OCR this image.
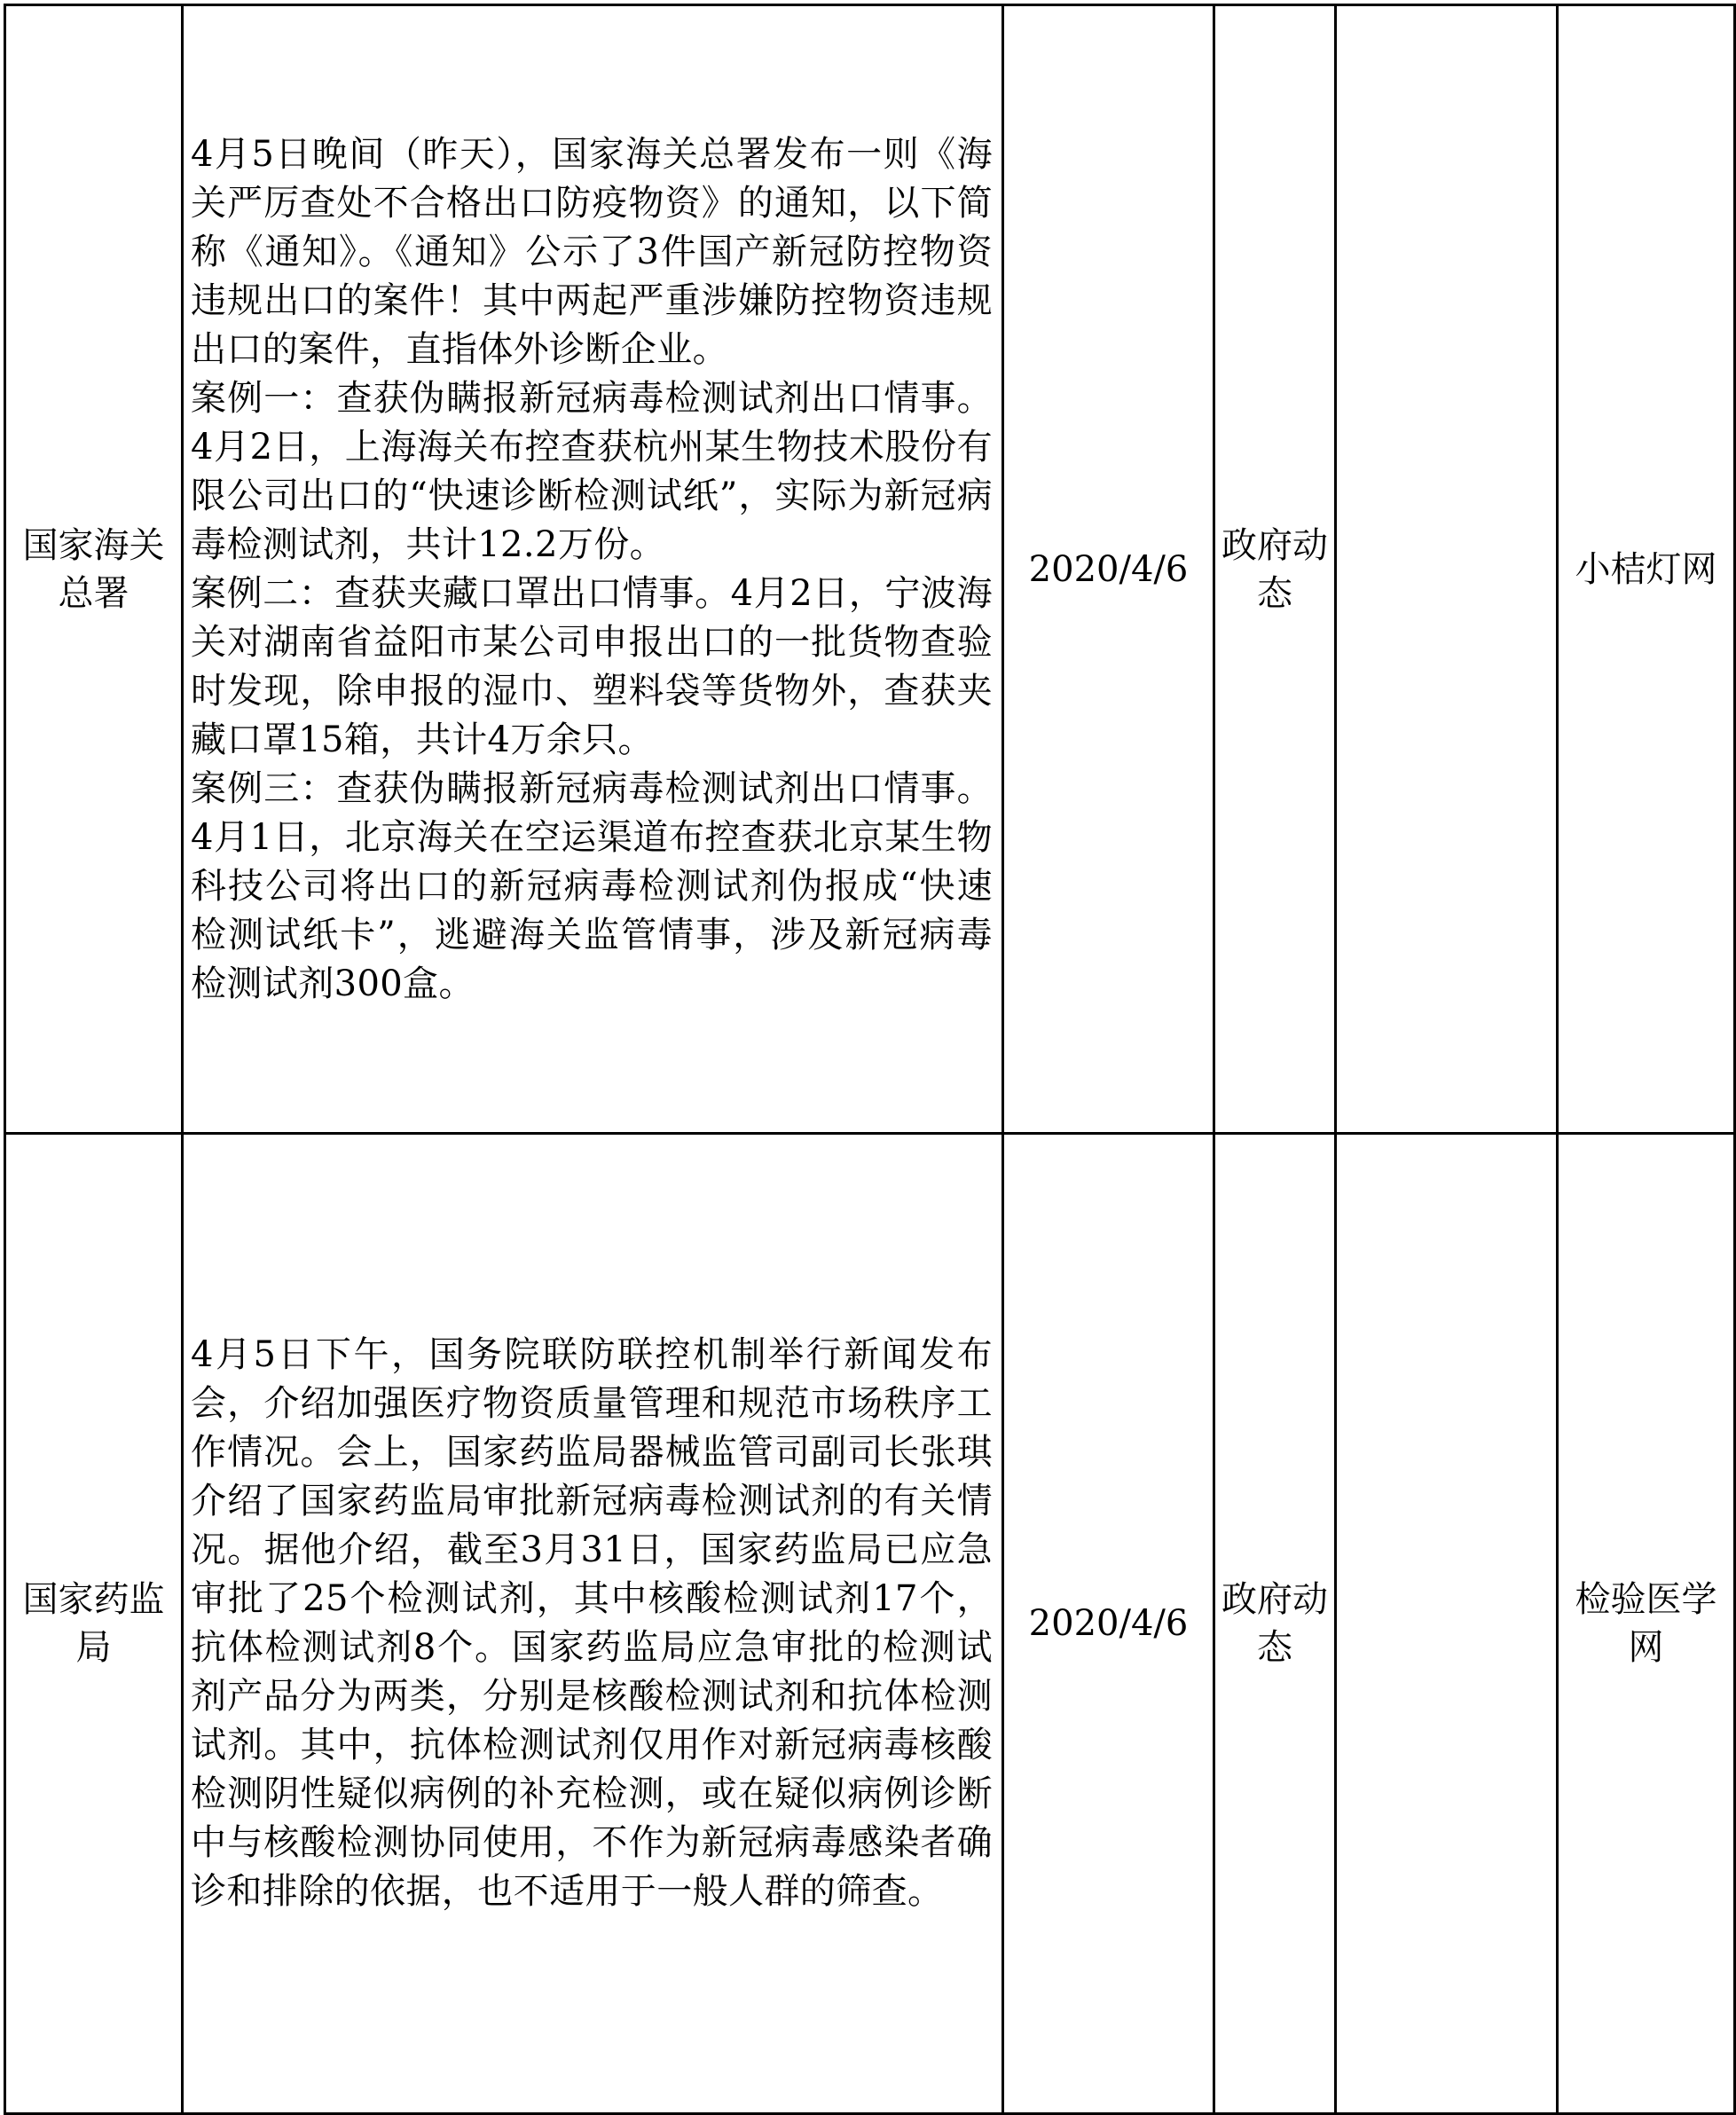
国家海关总署	4月5日晚间（昨天），国家海关总署发布一则《海关严厉查处不合格出口防疫物资》的通知，以下简称《通知》。《通知》公示了3件国产新冠防控物资违规出口的案件！其中两起严重涉嫌防控物资违规出口的案件，直指体外诊断企业。

案例一：查获伪瞒报新冠病毒检测试剂出口情事。4月2日，上海海关布控查获杭州某生物技术股份有限公司出口的“快速诊断检测试纸”，实际为新冠病毒检测试剂，共计12.2万份。

案例二：查获夹藏口罩出口情事。4月2日，宁波海关对湖南省益阳市某公司申报出口的一批货物查验时发现，除申报的湿巾、塑料袋等货物外，查获夹藏口罩15箱，共计4万余只。

案例三：查获伪瞒报新冠病毒检测试剂出口情事。4月1日，北京海关在空运渠道布控查获北京某生物科技公司将出口的新冠病毒检测试剂伪报成“快速检测试纸卡”，逃避海关监管情事，涉及新冠病毒检测试剂300盒。	2020/4/6	政府动态		小桔灯网

国家药监局	4月5日下午，国务院联防联控机制举行新闻发布会，介绍加强医疗物资质量管理和规范市场秩序工作情况。会上，国家药监局器械监管司副司长张琪介绍了国家药监局审批新冠病毒检测试剂的有关情况。据他介绍，截至3月31日，国家药监局已应急审批了25个检测试剂，其中核酸检测试剂17个，抗体检测试剂8个。国家药监局应急审批的检测试剂产品分为两类，分别是核酸检测试剂和抗体检测试剂。其中，抗体检测试剂仅用作对新冠病毒核酸检测阴性疑似病例的补充检测，或在疑似病例诊断中与核酸检测协同使用，不作为新冠病毒感染者确诊和排除的依据，也不适用于一般人群的筛查。	2020/4/6	政府动态		检验医学网
